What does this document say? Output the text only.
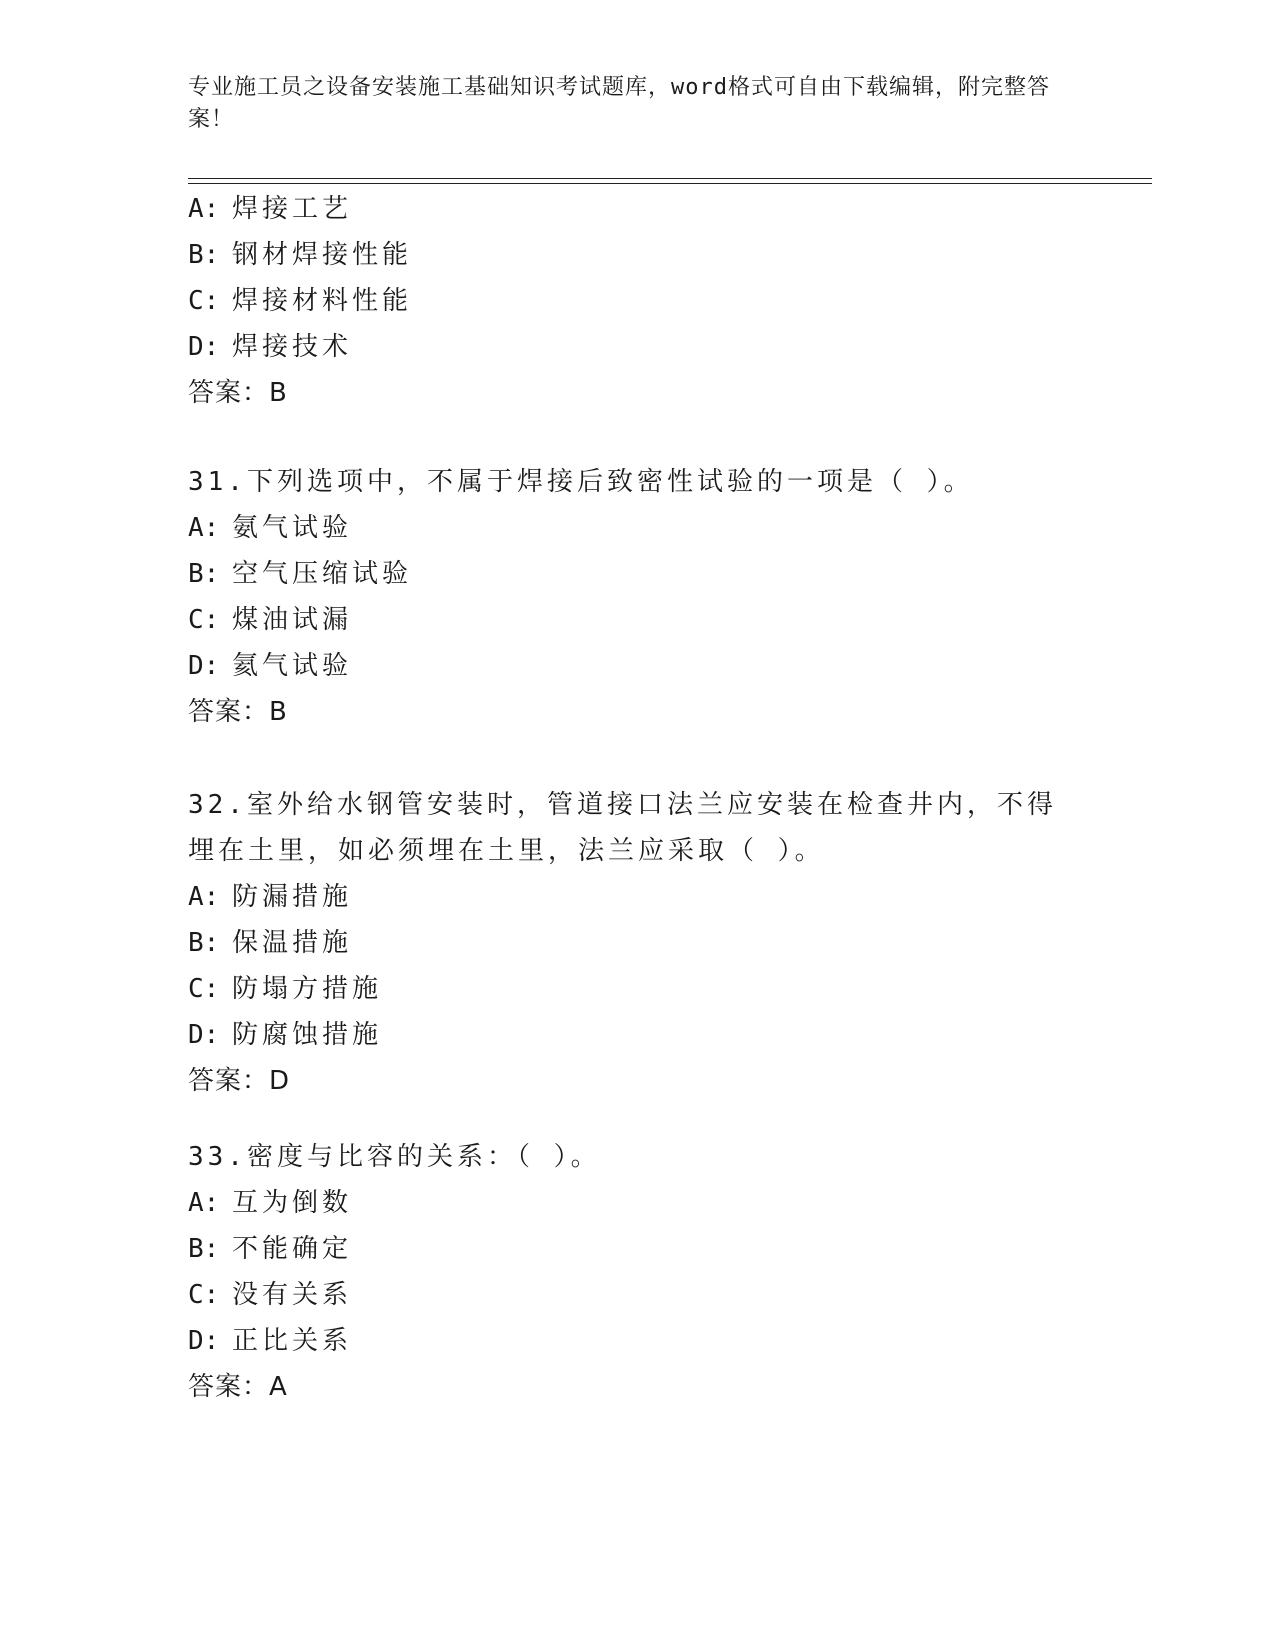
专业施工员之设备安装施工基础知识考试题库，word格式可自由下载编辑，附完整答案！
A: 焊接工艺
B: 钢材焊接性能
C: 焊接材料性能
D: 焊接技术
答案：B
31.下列选项中，不属于焊接后致密性试验的一项是（ ）。
A: 氨气试验
B: 空气压缩试验
C: 煤油试漏
D: 氦气试验
答案：B
32.室外给水钢管安装时，管道接口法兰应安装在检查井内，不得埋在土里，如必须埋在土里，法兰应采取（ ）。
A: 防漏措施
B: 保温措施
C: 防塌方措施
D: 防腐蚀措施
答案：D
33.密度与比容的关系：（ ）。
A: 互为倒数
B: 不能确定
C: 没有关系
D: 正比关系
答案：A
